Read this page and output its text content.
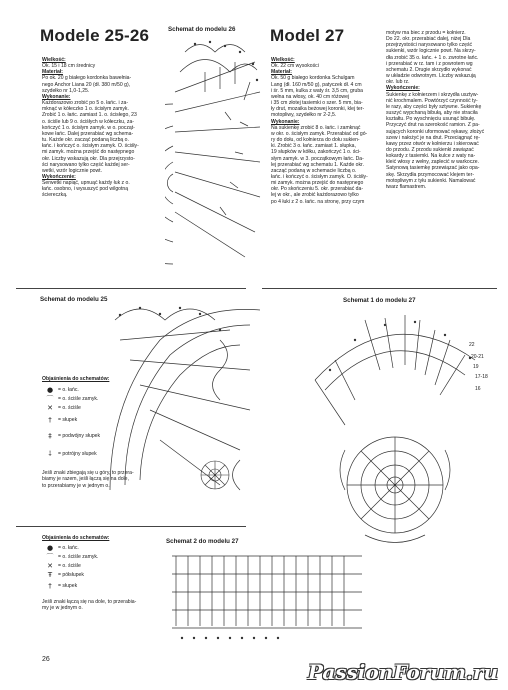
Modele 25-26	Schemat do modelu 26

Wielkość:

Ok. 15 i 18 cm średnicy

Materiał:

Po ok. 20 g białego kordonka bawełnia-

nego Anchor Liana 20 (dł. 380 m/50 g),

szydełko nr 1,0-1,25.

Wykonanie:

Każdorazowo zrobić po 5 o. łańc. i za-

mknąć w kółeczko 1 o. ścisłym zamyk.

Zrobić 1 o. łańc. zamiast 1. o. ścisłego, 23

o. ściśle lub 9 o. ściśłych w kółeczku, za-

kończyć 1 o. ścisłym zamyk. w o. począt-

kowe łańc. Dalej przerabiać wg schema-

tu. Każde okr. zacząć podaną liczbą o.

łańc. i kończyć o. ścisłym zamyk. O. ściśły-

mi zamyk. można przejść do następnego

okr. Liczby wskazują okr. Dla przejrzysto-

ści narysowano tylko część każdej ser-

wetki, wzór logicznie powt.

Wykończenie:

Serwetki napiąć, upnuąć każdy łuk z o.

łańc. osobno, i wysuszyć pod wilgotną

ściereczką.

Schemat do modelu 25
Objaśnienia do schematów:
● = o. łańc.
⌒ = o. ściśle zamyk.
✕ = o. ściśle
†	= słupek
‡	= podwójny słupek
⸸	= potrójny słupek
Jeśli znaki zbiegają się u góry, to przera-
biamy je razem, jeśli łączą się na dole,
to przerabiamy je w jednym o.
Objaśnienia do schematów:
● = o. łańc.
⌒ = o. ściśle zamyk.
✕ = o. ściśle
Ŧ	= półsłupek
†	= słupek
Jeśli znaki łączą się na dole, to przerabia-
my je w jednym o.
26
Model 27

Wielkość:

Ok. 22 cm wysokości

Materiał:

Ok. 50 g białego kordonka Schulgam

Lang (dł. 160 m/50 g), patyczek dł. 4 cm

i śr. 5 mm, kulka z waty śr. 3,5 cm, gruba

wełna na włosy, ok. 40 cm różowej

i 35 cm złotej tasiemki o szer. 5 mm, bia-

ły drut, mozaika beżowej koronki, klej ter-

motopliwy, szydełko nr 2-2,5.

Wykonanie:

Na sukienkę zrobić 8 o. łańc. i zamknąć

w okr. o. ścisłym zamyk. Przerabiać od gó-

ry do dołu, od kołnierza do dołu sukien-

ki. Zrobić 3 o. łańc. zamiast 1. słupka,

19 słupków w kółku, zakończyć 1 o. ści-

słym zamyk. w 3. początkowym łańc. Da-

lej przerabiać wg schematu 1. Każde okr.

zacząć podaną w schemacie liczbą o.

łańc. i kończyć o. ścisłym zamyk. O. ściśły-

mi zamyk. można przejść do następnego

okr. Po skończeniu 5. okr. przerabiać da-

lej w okr., ale zrobić każdorazowo tylko

po 4 łuki z 2 o. łańc. na stronę, przy czym

motyw ma biec z przodu = kołnierz.

Do 22. okr. przerabiać dalej, niżej Dla

przejrzystości narysowano tylko część

sukienki, wzór logicznie powt. Na skrzy-

dła zrobić 35 o. łańc. + 1 o. zwrotne łańc.

i przerabiać w rz. tam i z powrotem wg

schematu 2. Drugie skrzydło wykonać

w układzie odwrotnym. Liczby wskazują

okr. lub rz.

Wykończenie:

Sukienkę z kołnierzem i skrzydła usztyw-

nić krochmalem. Powtórzyć czynność ty-

le razy, aby części były sztywne. Sukienkę

suszyć wypchaną bibułą, aby nie straciła

kształtu. Po wyschnięciu usunąć bibułę.

Przyczyć drut na szerokość ramion. Z pa-

sujących koronki uformować rękawy, złożyć

szew i nałożyć je na drut. Przeciągnąć rę-

kawy przez otwór w kołnierzu i skierować

do przodu. Z przodu sukienki zawiązać

kokardy z tasiemki. Na kulce z waty na-

kleić włosy z wełny, zaplecić w warkocze.

Satynową tasiemkę przewiązać jako opa-

skę. Skrzydła przymocować klejem ter-

motopliwym z tyłu sukienki. Namalować

twarz flamastrem.

Schemat 1 do modelu 27
22
20-21
19
17-18
16
Schemat 2 do modelu 27
PassionForum.ru
